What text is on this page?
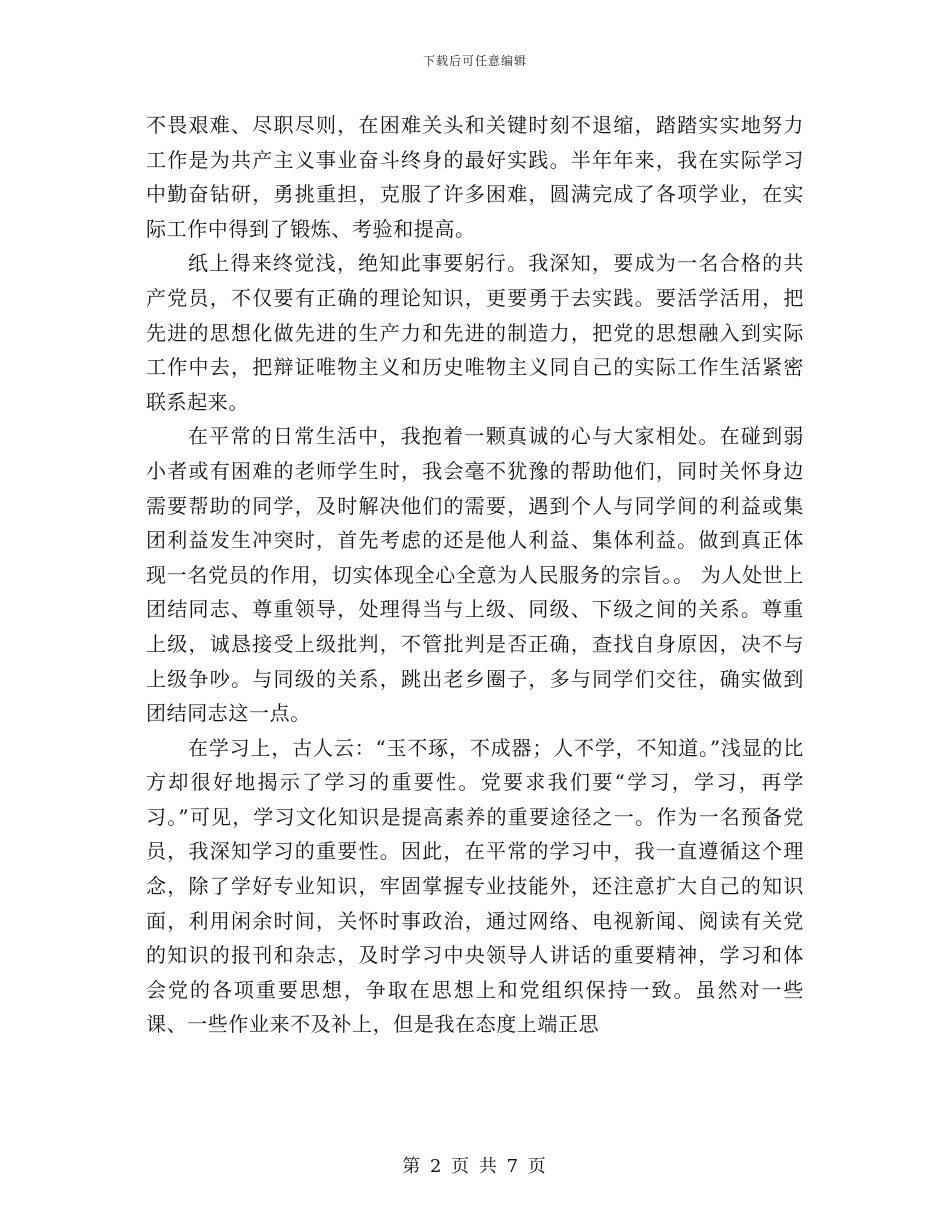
下载后可任意编辑

不畏艰难、尽职尽则，在困难关头和关键时刻不退缩，踏踏实实地努力工作是为共产主义事业奋斗终身的最好实践。半年年来，我在实际学习中勤奋钻研，勇挑重担，克服了许多困难，圆满完成了各项学业，在实际工作中得到了锻炼、考验和提高。

纸上得来终觉浅，绝知此事要躬行。我深知，要成为一名合格的共产党员，不仅要有正确的理论知识，更要勇于去实践。要活学活用，把先进的思想化做先进的生产力和先进的制造力，把党的思想融入到实际工作中去，把辩证唯物主义和历史唯物主义同自己的实际工作生活紧密联系起来。

在平常的日常生活中，我抱着一颗真诚的心与大家相处。在碰到弱小者或有困难的老师学生时，我会毫不犹豫的帮助他们，同时关怀身边需要帮助的同学，及时解决他们的需要，遇到个人与同学间的利益或集团利益发生冲突时，首先考虑的还是他人利益、集体利益。做到真正体现一名党员的作用，切实体现全心全意为人民服务的宗旨。。 为人处世上团结同志、尊重领导，处理得当与上级、同级、下级之间的关系。尊重上级，诚恳接受上级批判，不管批判是否正确，查找自身原因，决不与上级争吵。与同级的关系，跳出老乡圈子，多与同学们交往，确实做到团结同志这一点。

在学习上，古人云：“玉不琢，不成器；人不学，不知道。”浅显的比方却很好地揭示了学习的重要性。党要求我们要“学习，学习，再学习。”可见，学习文化知识是提高素养的重要途径之一。作为一名预备党员，我深知学习的重要性。因此，在平常的学习中，我一直遵循这个理念，除了学好专业知识，牢固掌握专业技能外，还注意扩大自己的知识面，利用闲余时间，关怀时事政治，通过网络、电视新闻、阅读有关党的知识的报刊和杂志，及时学习中央领导人讲话的重要精神，学习和体会党的各项重要思想，争取在思想上和党组织保持一致。虽然对一些课、一些作业来不及补上，但是我在态度上端正思

第 2 页 共 7 页
